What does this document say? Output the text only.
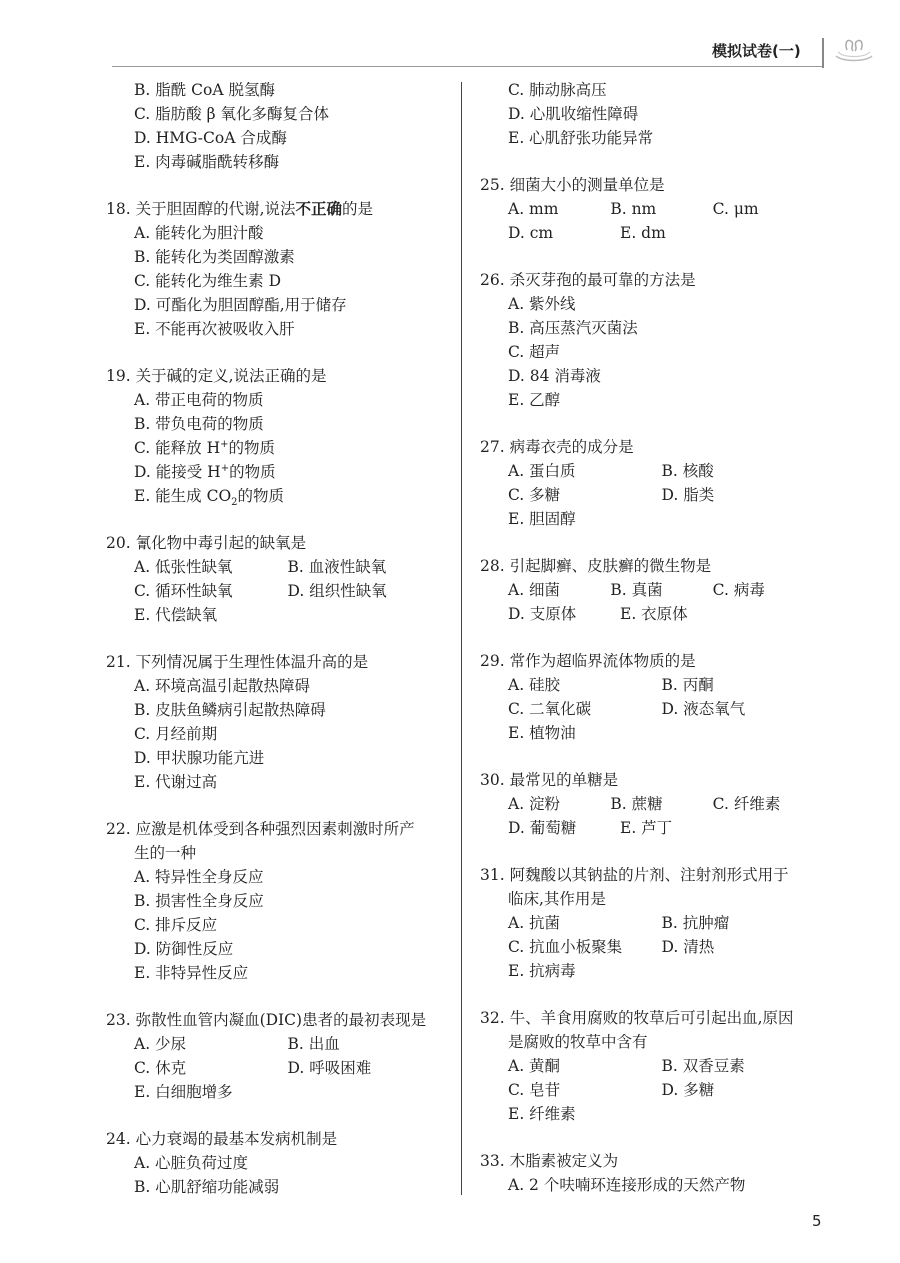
模拟试卷(一)
B. 脂酰 CoA 脱氢酶
C. 脂肪酸 β 氧化多酶复合体
D. HMG-CoA 合成酶
E. 肉毒碱脂酰转移酶
18. 关于胆固醇的代谢,说法不正确的是
A. 能转化为胆汁酸
B. 能转化为类固醇激素
C. 能转化为维生素 D
D. 可酯化为胆固醇酯,用于储存
E. 不能再次被吸收入肝
19. 关于碱的定义,说法正确的是
A. 带正电荷的物质
B. 带负电荷的物质
C. 能释放 H+的物质
D. 能接受 H+的物质
E. 能生成 $CO_2$的物质
20. 氰化物中毒引起的缺氧是
A. 低张性缺氧	B. 血液性缺氧
C. 循环性缺氧	D. 组织性缺氧
E. 代偿缺氧
21. 下列情况属于生理性体温升高的是
A. 环境高温引起散热障碍
B. 皮肤鱼鳞病引起散热障碍
C. 月经前期
D. 甲状腺功能亢进
E. 代谢过高
22. 应激是机体受到各种强烈因素刺激时所产
生的一种
A. 特异性全身反应
B. 损害性全身反应
C. 排斥反应
D. 防御性反应
E. 非特异性反应
23. 弥散性血管内凝血(DIC)患者的最初表现是
A. 少尿	B. 出血
C. 休克	D. 呼吸困难
E. 白细胞增多
24. 心力衰竭的最基本发病机制是
A. 心脏负荷过度
B. 心肌舒缩功能减弱
C. 肺动脉高压
D. 心肌收缩性障碍
E. 心肌舒张功能异常
25. 细菌大小的测量单位是
A. mm	B. nm	C. μm
D. cm	E. dm
26. 杀灭芽孢的最可靠的方法是
A. 紫外线
B. 高压蒸汽灭菌法
C. 超声
D. 84 消毒液
E. 乙醇
27. 病毒衣壳的成分是
A. 蛋白质	B. 核酸
C. 多糖	D. 脂类
E. 胆固醇
28. 引起脚癣、皮肤癣的微生物是
A. 细菌	B. 真菌	C. 病毒
D. 支原体	E. 衣原体
29. 常作为超临界流体物质的是
A. 硅胶	B. 丙酮
C. 二氧化碳	D. 液态氧气
E. 植物油
30. 最常见的单糖是
A. 淀粉	B. 蔗糖	C. 纤维素
D. 葡萄糖	E. 芦丁
31. 阿魏酸以其钠盐的片剂、注射剂形式用于
临床,其作用是
A. 抗菌	B. 抗肿瘤
C. 抗血小板聚集	D. 清热
E. 抗病毒
32. 牛、羊食用腐败的牧草后可引起出血,原因
是腐败的牧草中含有
A. 黄酮	B. 双香豆素
C. 皂苷	D. 多糖
E. 纤维素
33. 木脂素被定义为
A. 2 个呋喃环连接形成的天然产物
5
